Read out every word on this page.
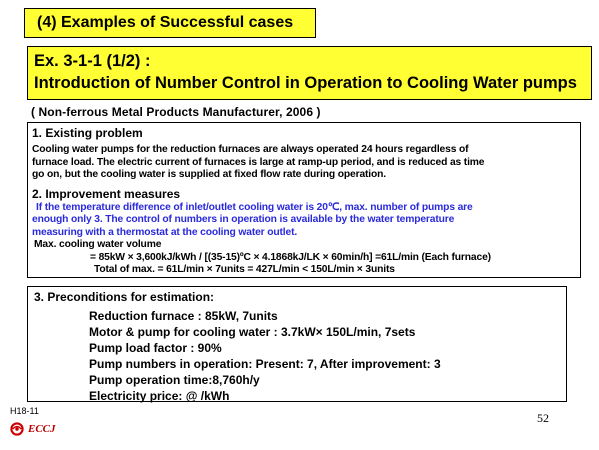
(4) Examples of Successful cases
Ex. 3-1-1 (1/2) :
Introduction of Number Control in Operation to Cooling Water pumps
( Non-ferrous Metal Products Manufacturer, 2006 )
1. Existing problem
Cooling water pumps for the reduction furnaces are always operated 24 hours regardless of
furnace load. The electric current of furnaces is large at ramp-up period, and is reduced as time
go on, but the cooling water is supplied at fixed flow rate during operation.
2. Improvement measures
If the temperature difference of inlet/outlet cooling water is 20℃, max. number of pumps are
enough only 3. The control of numbers in operation is available by the water temperature
measuring with a thermostat at the cooling water outlet.
Max. cooling water volume
= 85kW × 3,600kJ/kWh / [(35-15)ºC × 4.1868kJ/LK × 60min/h] =61L/min (Each furnace)
Total of max. = 61L/min × 7units = 427L/min < 150L/min × 3units
3. Preconditions for estimation:
Reduction furnace : 85kW, 7units
Motor & pump for cooling water : 3.7kW× 150L/min, 7sets
Pump load factor : 90%
Pump numbers in operation: Present: 7, After improvement: 3
Pump operation time:8,760h/y
Electricity price: @ /kWh
H18-11	52
ECCJ
